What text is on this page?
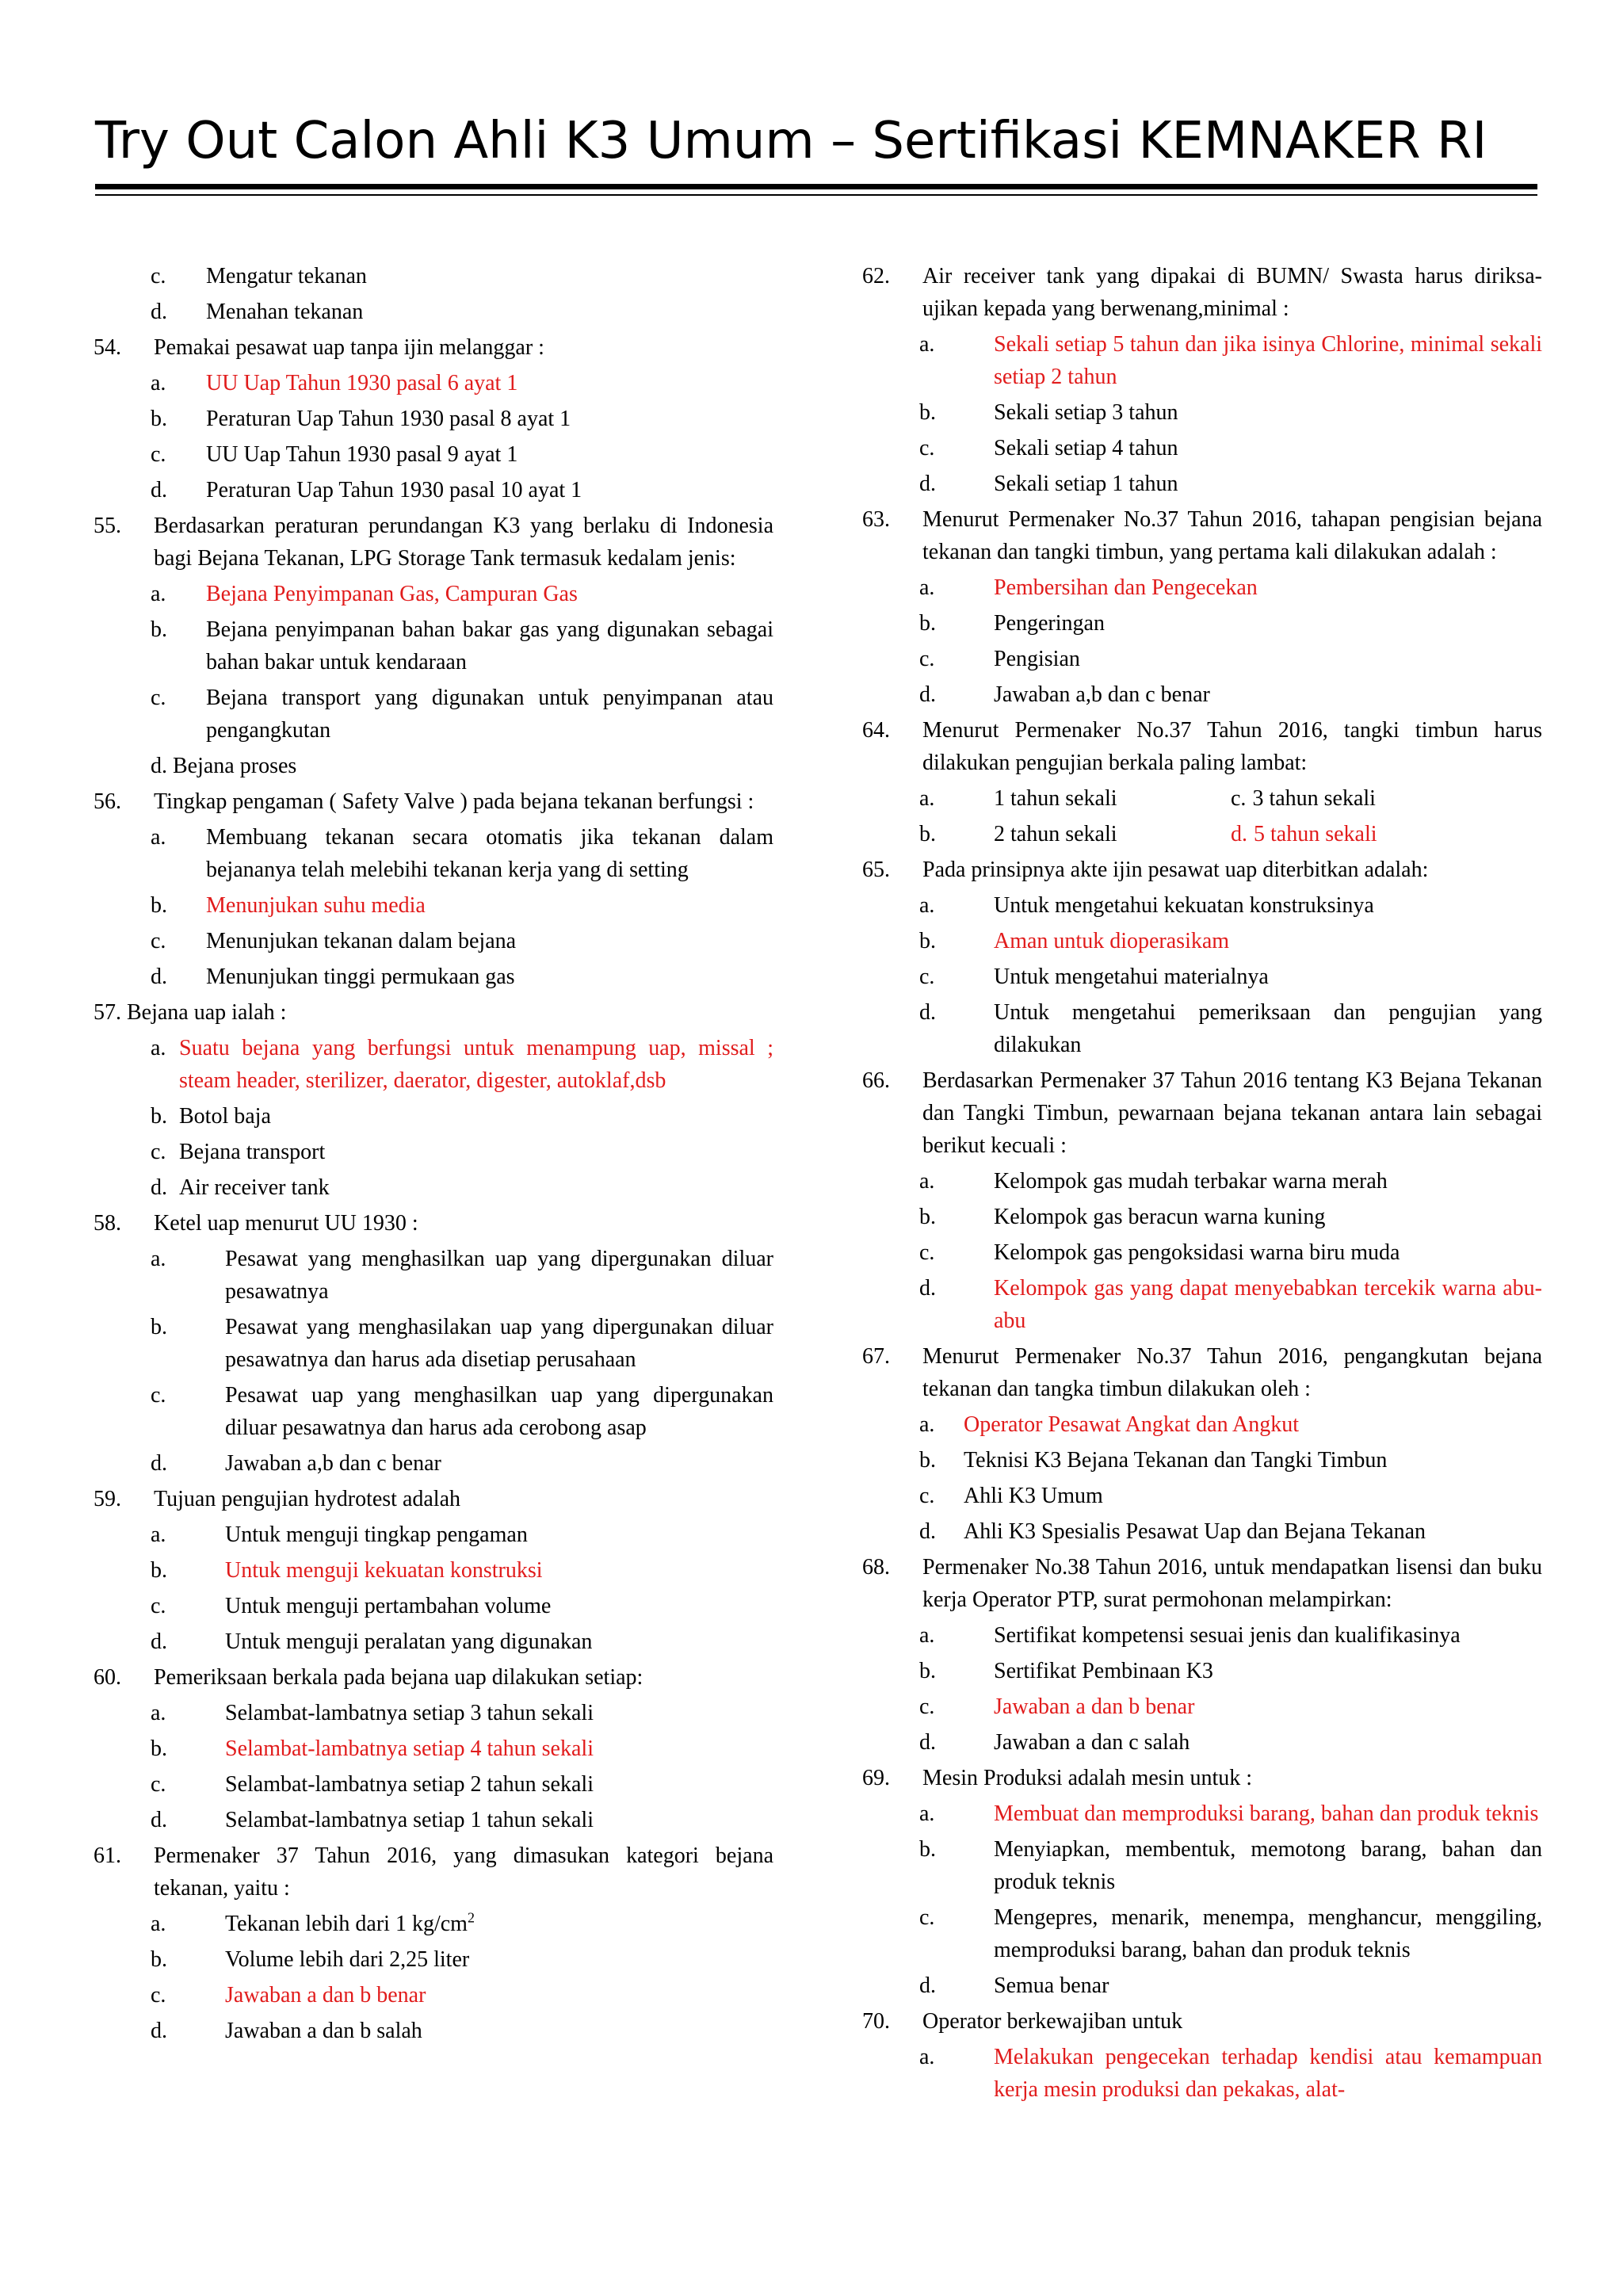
Try Out Calon Ahli K3 Umum – Sertifikasi KEMNAKER RI
c.	Mengatur tekanan
d.	Menahan tekanan
54.	Pemakai pesawat uap tanpa ijin melanggar :
a.	UU Uap Tahun 1930 pasal 6 ayat 1
b.	Peraturan Uap Tahun 1930 pasal 8 ayat 1
c.	UU Uap Tahun 1930 pasal 9 ayat 1
d.	Peraturan Uap Tahun 1930 pasal 10 ayat 1
55.	Berdasarkan peraturan perundangan K3 yang berlaku di Indonesia bagi Bejana Tekanan, LPG Storage Tank termasuk kedalam jenis:
a.	Bejana Penyimpanan Gas, Campuran Gas
b.	Bejana penyimpanan bahan bakar gas yang digunakan sebagai bahan bakar untuk kendaraan
c.	Bejana transport yang digunakan untuk penyimpanan atau pengangkutan
d. Bejana proses
56.	Tingkap pengaman ( Safety Valve ) pada bejana tekanan berfungsi :
a.	Membuang tekanan secara otomatis jika tekanan dalam bejananya telah melebihi tekanan kerja yang di setting
b.	Menunjukan suhu media
c.	Menunjukan tekanan dalam bejana
d.	Menunjukan tinggi permukaan gas
57. Bejana uap ialah :
a. Suatu bejana yang berfungsi untuk menampung uap, missal ; steam header, sterilizer, daerator, digester, autoklaf,dsb
b. Botol baja
c. Bejana transport
d. Air receiver tank
58.	Ketel uap menurut UU 1930 :
a.	Pesawat yang menghasilkan uap yang dipergunakan diluar pesawatnya
b.	Pesawat yang menghasilakan uap yang dipergunakan diluar pesawatnya dan harus ada disetiap perusahaan
c.	Pesawat uap yang menghasilkan uap yang dipergunakan diluar pesawatnya dan harus ada cerobong asap
d.	Jawaban a,b dan c benar
59.	Tujuan pengujian hydrotest adalah
a.	Untuk menguji tingkap pengaman
b.	Untuk menguji kekuatan konstruksi
c.	Untuk menguji pertambahan volume
d.	Untuk menguji peralatan yang digunakan
60.	Pemeriksaan berkala pada bejana uap dilakukan setiap:
a.	Selambat-lambatnya setiap 3 tahun sekali
b.	Selambat-lambatnya setiap 4 tahun sekali
c.	Selambat-lambatnya setiap 2 tahun sekali
d.	Selambat-lambatnya setiap 1 tahun sekali
61.	Permenaker 37 Tahun 2016, yang dimasukan kategori bejana tekanan, yaitu :
a.	Tekanan lebih dari 1 $kg/cm^2$
b.	Volume lebih dari 2,25 liter
c.	Jawaban a dan b benar
d.	Jawaban a dan b salah
62.	Air receiver tank yang dipakai di BUMN/ Swasta harus diriksa-ujikan kepada yang berwenang,minimal :
a.	Sekali setiap 5 tahun dan jika isinya Chlorine, minimal sekali setiap 2 tahun
b.	Sekali setiap 3 tahun
c.	Sekali setiap 4 tahun
d.	Sekali setiap 1 tahun
63.	Menurut Permenaker No.37 Tahun 2016, tahapan pengisian bejana tekanan dan tangki timbun, yang pertama kali dilakukan adalah :
a.	Pembersihan dan Pengecekan
b.	Pengeringan
c.	Pengisian
d.	Jawaban a,b dan c benar
64.	Menurut Permenaker No.37 Tahun 2016, tangki timbun harus dilakukan pengujian berkala paling lambat:
a.	1 tahun sekali	c. 3 tahun sekali
b.	2 tahun sekali	d. 5 tahun sekali
65.	Pada prinsipnya akte ijin pesawat uap diterbitkan adalah:
a.	Untuk mengetahui kekuatan konstruksinya
b.	Aman untuk dioperasikam
c.	Untuk mengetahui materialnya
d.	Untuk mengetahui pemeriksaan dan pengujian yang dilakukan
66.	Berdasarkan Permenaker 37 Tahun 2016 tentang K3 Bejana Tekanan dan Tangki Timbun, pewarnaan bejana tekanan antara lain sebagai berikut kecuali :
a.	Kelompok gas mudah terbakar warna merah
b.	Kelompok gas beracun warna kuning
c.	Kelompok gas pengoksidasi warna biru muda
d.	Kelompok gas yang dapat menyebabkan tercekik warna abu-abu
67.	Menurut Permenaker No.37 Tahun 2016, pengangkutan bejana tekanan dan tangka timbun dilakukan oleh :
a.	Operator Pesawat Angkat dan Angkut
b.	Teknisi K3 Bejana Tekanan dan Tangki Timbun
c.	Ahli K3 Umum
d.	Ahli K3 Spesialis Pesawat Uap dan Bejana Tekanan
68.	Permenaker No.38 Tahun 2016, untuk mendapatkan lisensi dan buku kerja Operator PTP, surat permohonan melampirkan:
a.	Sertifikat kompetensi sesuai jenis dan kualifikasinya
b.	Sertifikat Pembinaan K3
c.	Jawaban a dan b benar
d.	Jawaban a dan c salah
69.	Mesin Produksi adalah mesin untuk :
a.	Membuat dan memproduksi barang, bahan dan produk teknis
b.	Menyiapkan, membentuk, memotong barang, bahan dan produk teknis
c.	Mengepres, menarik, menempa, menghancur, menggiling, memproduksi barang, bahan dan produk teknis
d.	Semua benar
70.	Operator berkewajiban untuk
a.	Melakukan pengecekan terhadap kendisi atau kemampuan kerja mesin produksi dan pekakas, alat-
